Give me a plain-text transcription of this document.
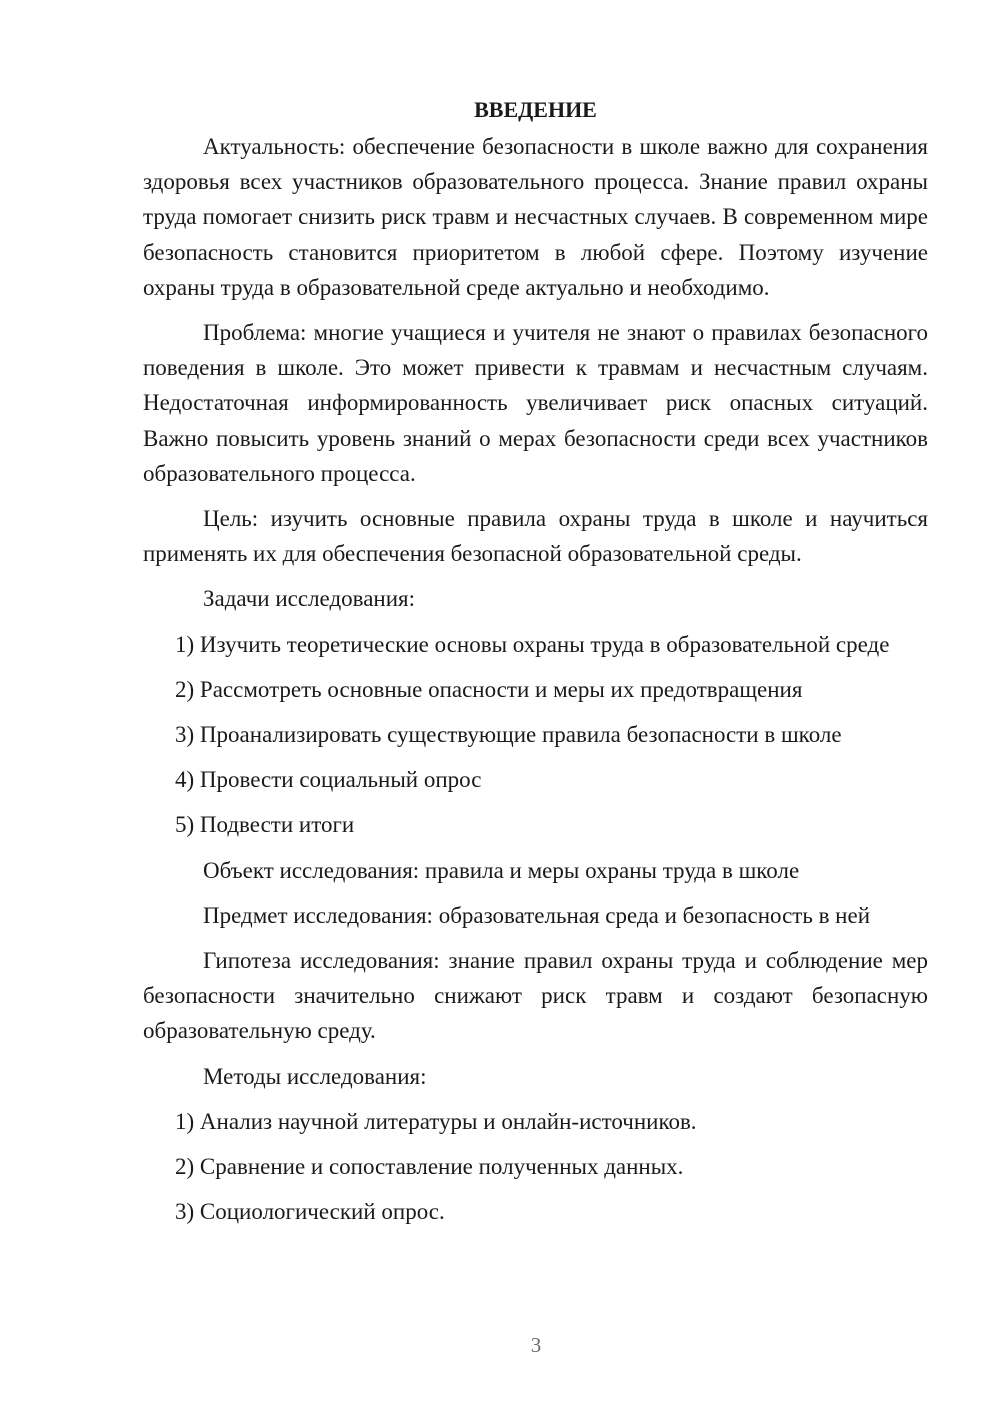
ВВЕДЕНИЕ

Актуальность: обеспечение безопасности в школе важно для сохранения здоровья всех участников образовательного процесса. Знание правил охраны труда помогает снизить риск травм и несчастных случаев. В современном мире безопасность становится приоритетом в любой сфере. Поэтому изучение охраны труда в образовательной среде актуально и необходимо.

Проблема: многие учащиеся и учителя не знают о правилах безопасного поведения в школе. Это может привести к травмам и несчастным случаям. Недостаточная информированность увеличивает риск опасных ситуаций. Важно повысить уровень знаний о мерах безопасности среди всех участников образовательного процесса.

Цель: изучить основные правила охраны труда в школе и научиться применять их для обеспечения безопасной образовательной среды.

Задачи исследования:
1) Изучить теоретические основы охраны труда в образовательной среде
2) Рассмотреть основные опасности и меры их предотвращения
3) Проанализировать существующие правила безопасности в школе
4) Провести социальный опрос
5) Подвести итоги
Объект исследования: правила и меры охраны труда в школе
Предмет исследования: образовательная среда и безопасность в ней

Гипотеза исследования: знание правил охраны труда и соблюдение мер безопасности значительно снижают риск травм и создают безопасную образовательную среду.

Методы исследования:
1) Анализ научной литературы и онлайн-источников.
2) Сравнение и сопоставление полученных данных.
3) Социологический опрос.
3
